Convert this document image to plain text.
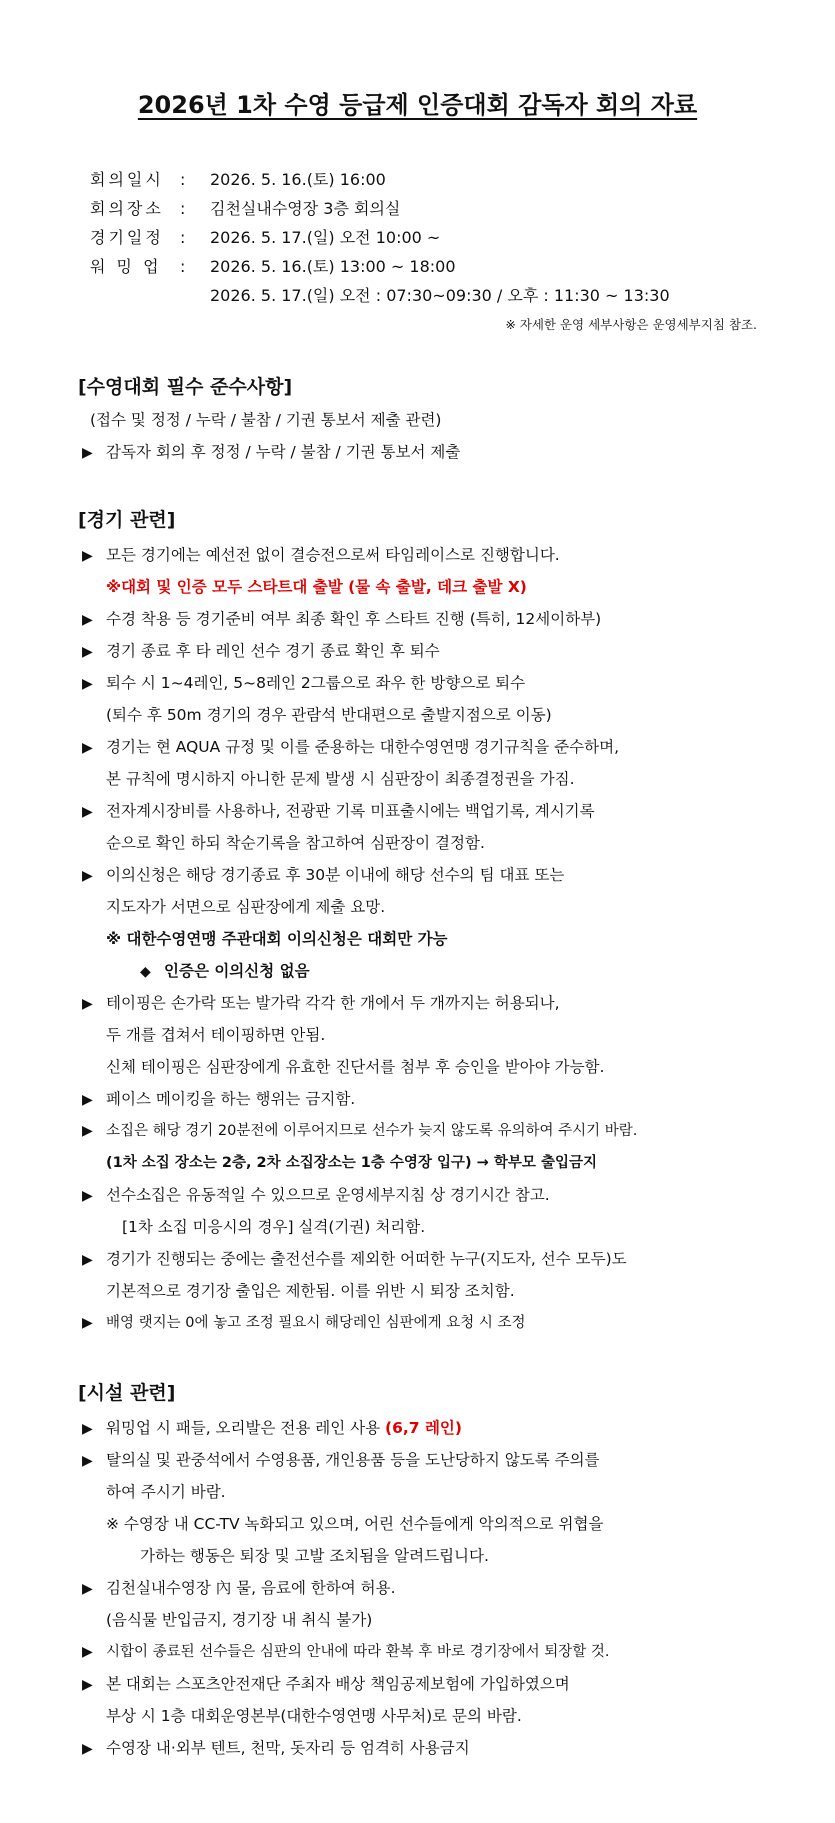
2026년 1차 수영 등급제 인증대회 감독자 회의 자료
회의일시	:	2026. 5. 16.(토) 16:00
회의장소	:	김천실내수영장 3층 회의실
경기일정	:	2026. 5. 17.(일) 오전 10:00 ~
워 밍 업	:	2026. 5. 16.(토) 13:00 ~ 18:00
2026. 5. 17.(일) 오전 : 07:30~09:30 / 오후 : 11:30 ~ 13:30
※ 자세한 운영 세부사항은 운영세부지침 참조.
[수영대회 필수 준수사항]
(접수 및 정정 / 누락 / 불참 / 기권 통보서 제출 관련)
▶ 감독자 회의 후 정정 / 누락 / 불참 / 기권 통보서 제출
[경기 관련]
▶ 모든 경기에는 예선전 없이 결승전으로써 타임레이스로 진행합니다.
※대회 및 인증 모두 스타트대 출발 (물 속 출발, 데크 출발 X)
▶ 수경 착용 등 경기준비 여부 최종 확인 후 스타트 진행 (특히, 12세이하부)
▶ 경기 종료 후 타 레인 선수 경기 종료 확인 후 퇴수
▶ 퇴수 시 1~4레인, 5~8레인 2그룹으로 좌우 한 방향으로 퇴수
(퇴수 후 50m 경기의 경우 관람석 반대편으로 출발지점으로 이동)
▶ 경기는 현 AQUA 규정 및 이를 준용하는 대한수영연맹 경기규칙을 준수하며,
본 규칙에 명시하지 아니한 문제 발생 시 심판장이 최종결정권을 가짐.
▶ 전자계시장비를 사용하나, 전광판 기록 미표출시에는 백업기록, 계시기록
순으로 확인 하되 착순기록을 참고하여 심판장이 결정함.
▶ 이의신청은 해당 경기종료 후 30분 이내에 해당 선수의 팀 대표 또는
지도자가 서면으로 심판장에게 제출 요망.
※ 대한수영연맹 주관대회 이의신청은 대회만 가능
◆ 인증은 이의신청 없음
▶ 테이핑은 손가락 또는 발가락 각각 한 개에서 두 개까지는 허용되나,
두 개를 겹쳐서 테이핑하면 안됨.
신체 테이핑은 심판장에게 유효한 진단서를 첨부 후 승인을 받아야 가능함.
▶ 페이스 메이킹을 하는 행위는 금지함.
▶ 소집은 해당 경기 20분전에 이루어지므로 선수가 늦지 않도록 유의하여 주시기 바람.
(1차 소집 장소는 2층, 2차 소집장소는 1층 수영장 입구) → 학부모 출입금지
▶ 선수소집은 유동적일 수 있으므로 운영세부지침 상 경기시간 참고.
[1차 소집 미응시의 경우] 실격(기권) 처리함.
▶ 경기가 진행되는 중에는 출전선수를 제외한 어떠한 누구(지도자, 선수 모두)도
기본적으로 경기장 출입은 제한됨. 이를 위반 시 퇴장 조치함.
▶ 배영 랫지는 0에 놓고 조정 필요시 해당레인 심판에게 요청 시 조정
[시설 관련]
▶ 워밍업 시 패들, 오리발은 전용 레인 사용 (6,7 레인)
▶ 탈의실 및 관중석에서 수영용품, 개인용품 등을 도난당하지 않도록 주의를
하여 주시기 바람.
※ 수영장 내 CC-TV 녹화되고 있으며, 어린 선수들에게 악의적으로 위협을
가하는 행동은 퇴장 및 고발 조치됨을 알려드립니다.
▶ 김천실내수영장 內 물, 음료에 한하여 허용.
(음식물 반입금지, 경기장 내 취식 불가)
▶ 시합이 종료된 선수들은 심판의 안내에 따라 환복 후 바로 경기장에서 퇴장할 것.
▶ 본 대회는 스포츠안전재단 주최자 배상 책임공제보험에 가입하였으며
부상 시 1층 대회운영본부(대한수영연맹 사무처)로 문의 바람.
▶ 수영장 내·외부 텐트, 천막, 돗자리 등 엄격히 사용금지
